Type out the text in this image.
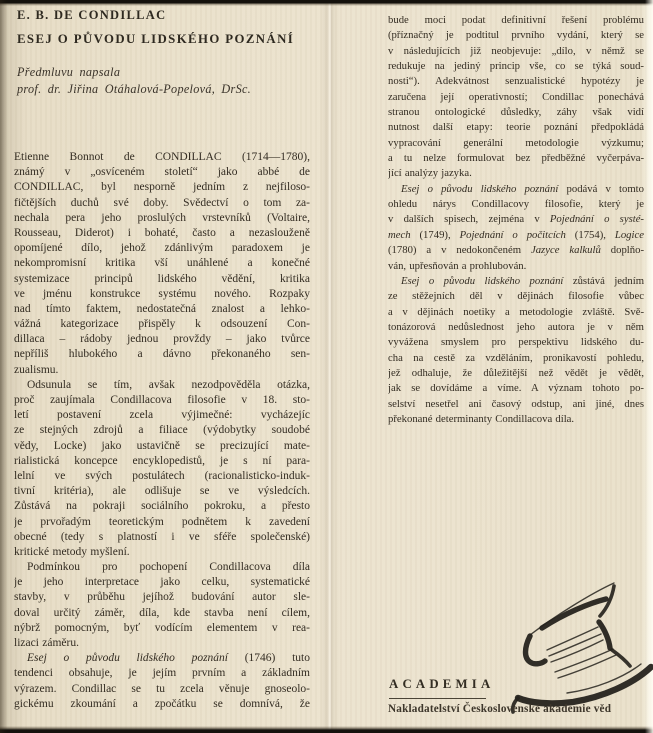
E. B. DE CONDILLAC
ESEJ O PŮVODU LIDSKÉHO POZNÁNÍ
Předmluvu napsala
prof. dr. Jiřina Otáhalová-Popelová, DrSc.
Etienne Bonnot de CONDILLAC (1714—1780),
známý v „osvíceném století“ jako abbé de
CONDILLAC, byl nesporně jedním z nejfiloso-
fičtějších duchů své doby. Svědectví o tom za-
nechala pera jeho proslulých vrstevníků (Voltaire,
Rousseau, Diderot) i bohaté, často a nezaslouženě
opomíjené dílo, jehož zdánlivým paradoxem je
nekompromisní kritika vší unáhlené a konečné
systemizace principů lidského vědění, kritika
ve jménu konstrukce systému nového. Rozpaky
nad tímto faktem, nedostatečná znalost a lehko-
vážná kategorizace přispěly k odsouzení Con-
dillaca – rádoby jednou provždy – jako tvůrce
nepříliš hlubokého a dávno překonaného sen-
zualismu.
Odsunula se tím, avšak nezodpověděla otázka,
proč zaujímala Condillacova filosofie v 18. sto-
letí postavení zcela výjimečné: vycházejíc
ze stejných zdrojů a filiace (výdobytky soudobé
vědy, Locke) jako ustavičně se precizující mate-
rialistická koncepce encyklopedistů, je s ní para-
lelní ve svých postulátech (racionalisticko-induk-
tivní kritéria), ale odlišuje se ve výsledcích.
Zůstává na pokraji sociálního pokroku, a přesto
je prvořadým teoretickým podnětem k zavedení
obecné (tedy s platností i ve sféře společenské)
kritické metody myšlení.
Podmínkou pro pochopení Condillacova díla
je jeho interpretace jako celku, systematické
stavby, v průběhu jejíhož budování autor sle-
doval určitý záměr, díla, kde stavba není cílem,
nýbrž pomocným, byť vodícím elementem v rea-
lizaci záměru.
Esej o původu lidského poznání (1746) tuto
tendenci obsahuje, je jejím prvním a základním
výrazem. Condillac se tu zcela věnuje gnoseolo-
gickému zkoumání a zpočátku se domnívá, že
bude moci podat definitivní řešení problému
(příznačný je podtitul prvního vydání, který se
v následujících již neobjevuje: „dílo, v němž se
redukuje na jediný princip vše, co se týká soud-
nosti“). Adekvátnost senzualistické hypotézy je
zaručena její operativností; Condillac ponechává
stranou ontologické důsledky, záhy však vidí
nutnost další etapy: teorie poznání předpokládá
vypracování generální metodologie výzkumu;
a tu nelze formulovat bez předběžné vyčerpáva-
jící analýzy jazyka.
Esej o původu lidského poznání podává v tomto
ohledu nárys Condillacovy filosofie, který je
v dalších spisech, zejména v Pojednání o systé-
mech (1749), Pojednání o počitcích (1754), Logice
(1780) a v nedokončeném Jazyce kalkulů doplňo-
ván, upřesňován a prohlubován.
Esej o původu lidského poznání zůstává jedním
ze stěžejních děl v dějinách filosofie vůbec
a v dějinách noetiky a metodologie zvláště. Svě-
tonázorová nedůslednost jeho autora je v něm
vyvážena smyslem pro perspektivu lidského du-
cha na cestě za vzděláním, pronikavostí pohledu,
jež odhaluje, že důležitější než vědět je vědět,
jak se dovídáme a víme. A význam tohoto po-
selství nesetřel ani časový odstup, ani jiné, dnes
překonané determinanty Condillacova díla.
ACADEMIA
Nakladatelství Československé akademie věd
